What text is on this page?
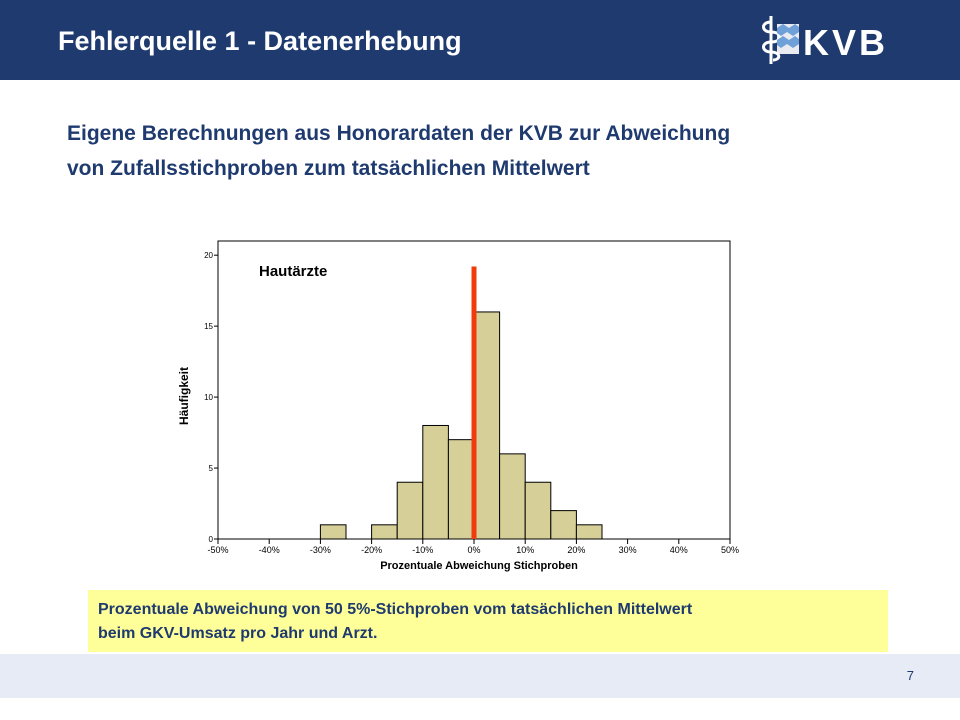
Fehlerquelle 1 - Datenerhebung	KVB
Eigene Berechnungen aus Honorardaten der KVB zur Abweichung
von Zufallsstichproben zum tatsächlichen Mittelwert
-50%	-40%	-30%	-20%	-10%	0%	10%	20%	30%	40%	50%
0
5
10
15
20
Hautärzte
Prozentuale Abweichung Stichproben
Häufigkeit
Prozentuale Abweichung von 50 5%-Stichproben vom tatsächlichen Mittelwert
beim GKV-Umsatz pro Jahr und Arzt.
7
